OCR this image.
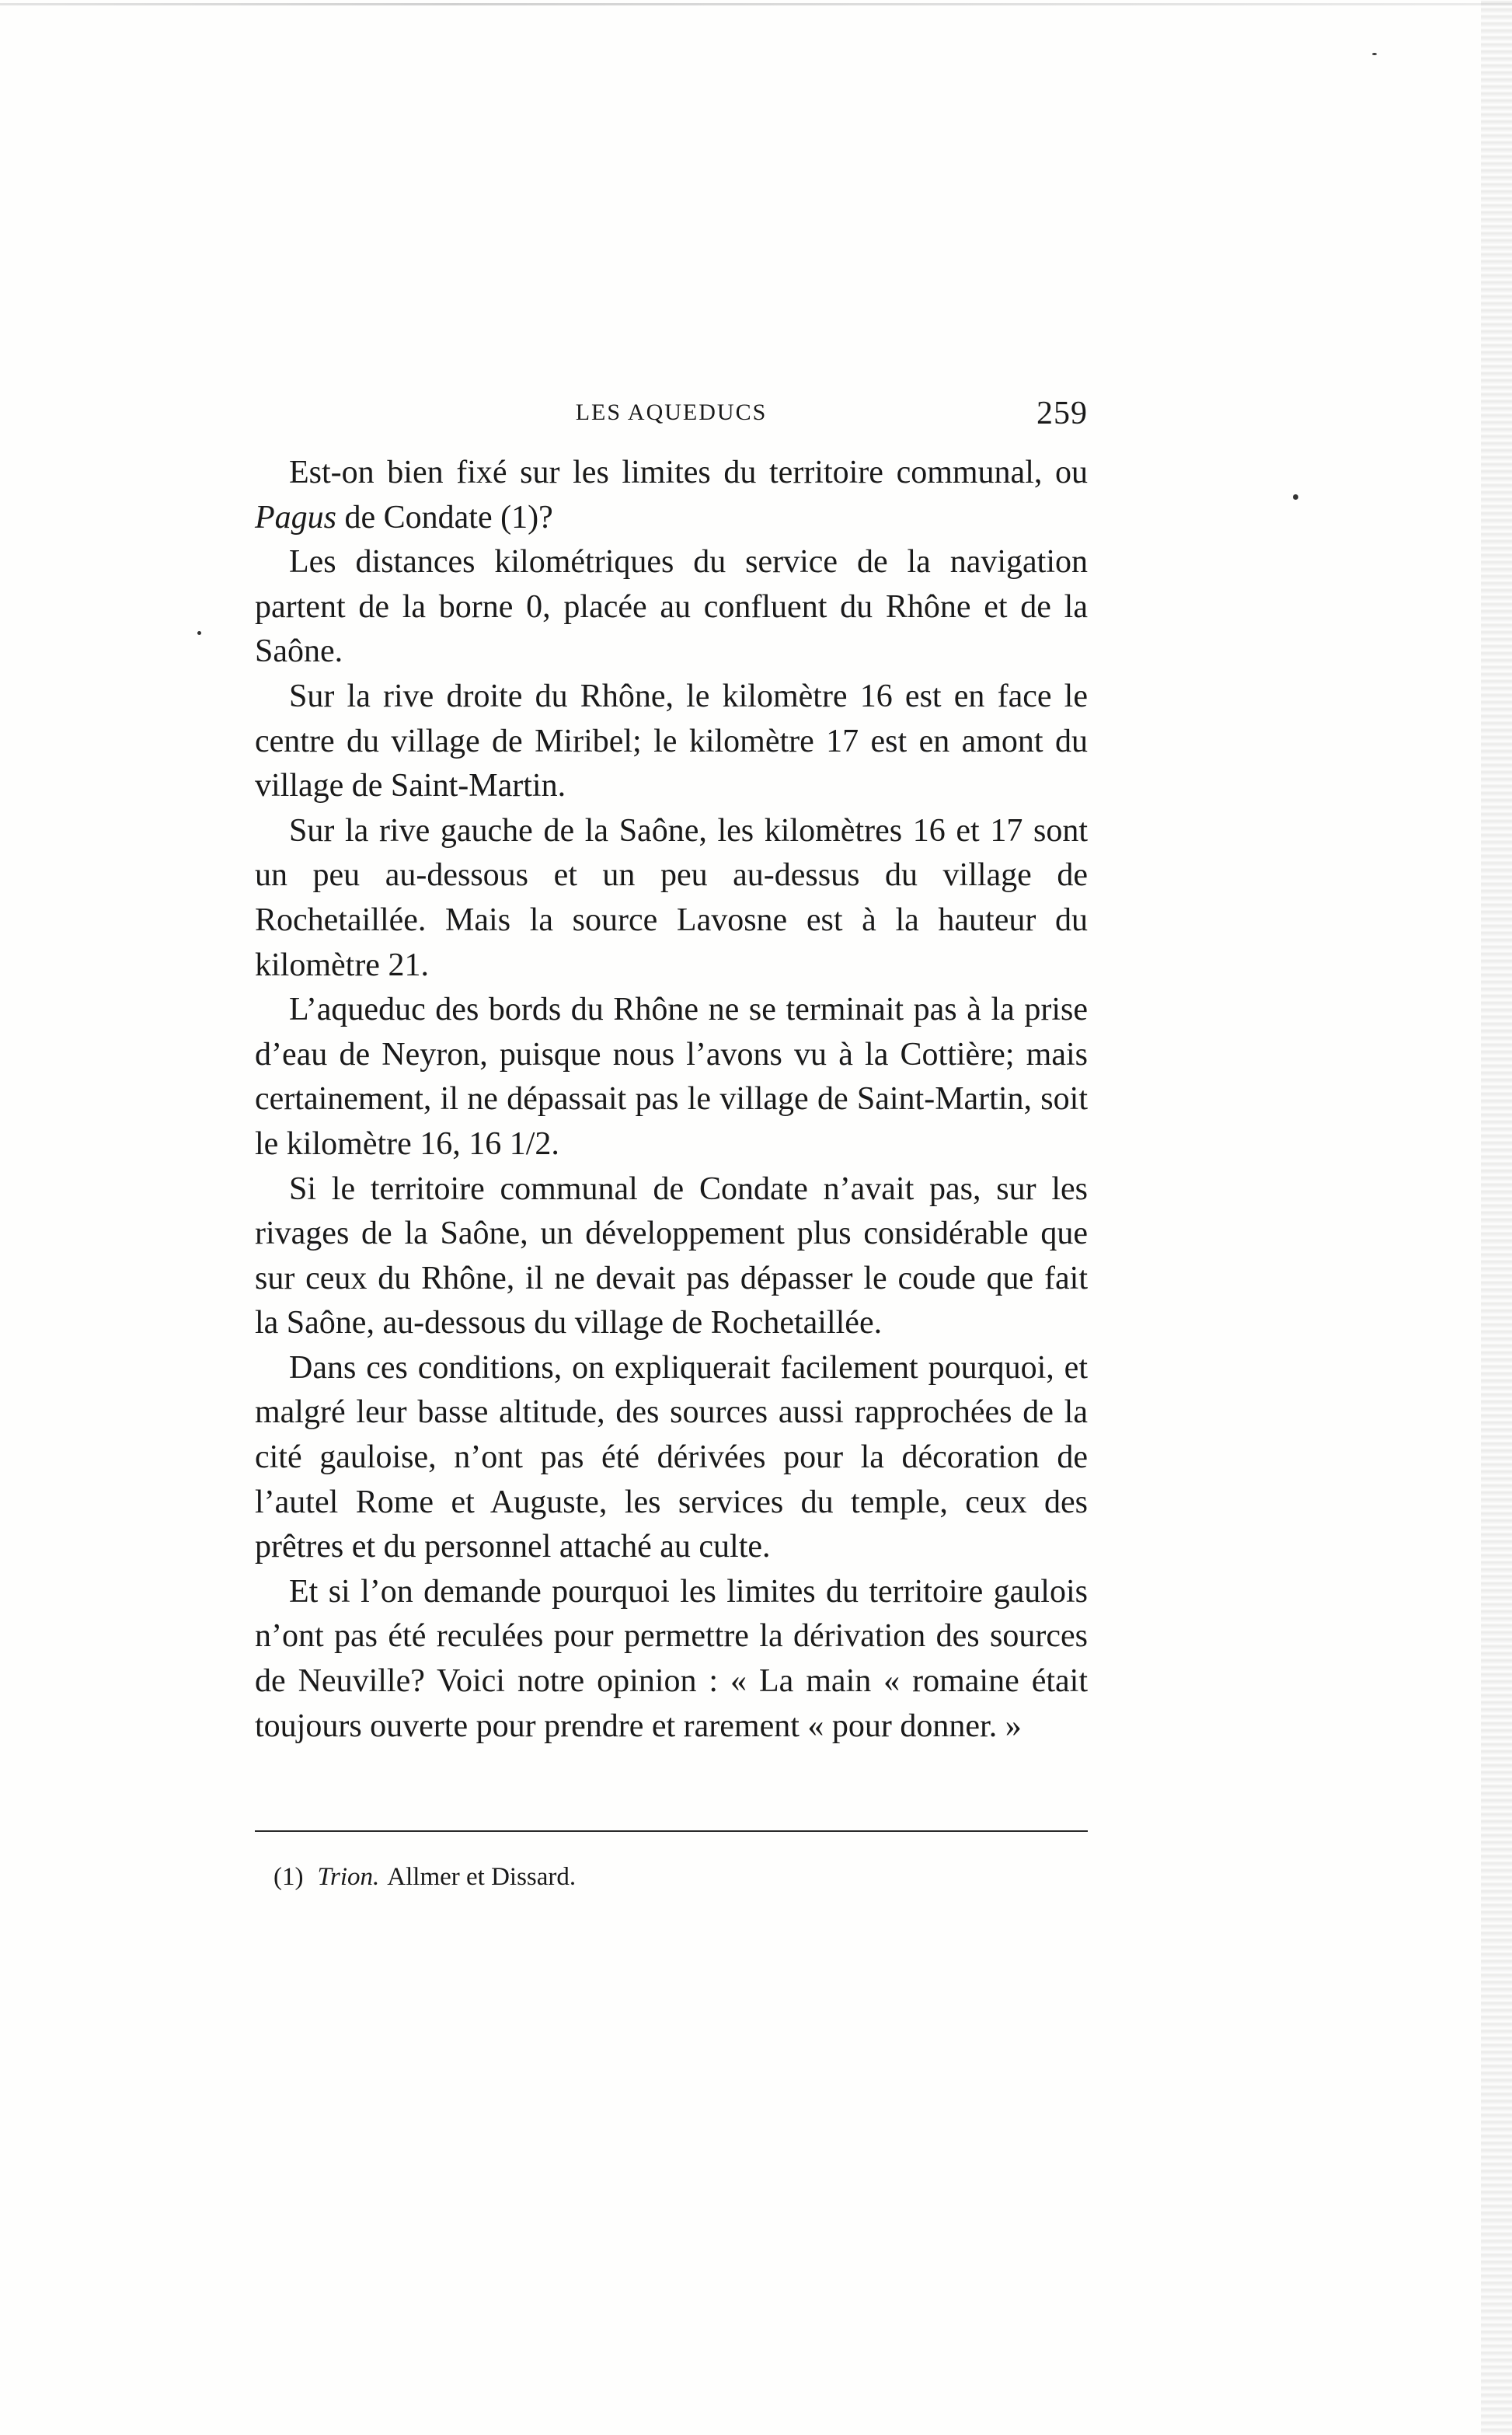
LES AQUEDUCS	259

Est-on bien fixé sur les limites du territoire communal, ou Pagus de Condate (1)?

Les distances kilométriques du service de la navigation partent de la borne 0, placée au confluent du Rhône et de la Saône.

Sur la rive droite du Rhône, le kilomètre 16 est en face le centre du village de Miribel; le kilomètre 17 est en amont du village de Saint-Martin.

Sur la rive gauche de la Saône, les kilomètres 16 et 17 sont un peu au-dessous et un peu au-dessus du village de Rochetaillée. Mais la source Lavosne est à la hauteur du kilomètre 21.

L’aqueduc des bords du Rhône ne se terminait pas à la prise d’eau de Neyron, puisque nous l’avons vu à la Cottière; mais certainement, il ne dépassait pas le village de Saint-Martin, soit le kilomètre 16, 16 1/2.

Si le territoire communal de Condate n’avait pas, sur les rivages de la Saône, un développement plus considérable que sur ceux du Rhône, il ne devait pas dépasser le coude que fait la Saône, au-dessous du village de Rochetaillée.

Dans ces conditions, on expliquerait facilement pourquoi, et malgré leur basse altitude, des sources aussi rapprochées de la cité gauloise, n’ont pas été dérivées pour la décoration de l’autel Rome et Auguste, les services du temple, ceux des prêtres et du personnel attaché au culte.

Et si l’on demande pourquoi les limites du territoire gaulois n’ont pas été reculées pour permettre la dérivation des sources de Neuville? Voici notre opinion : « La main « romaine était toujours ouverte pour prendre et rarement « pour donner. »

(1) Trion. Allmer et Dissard.
